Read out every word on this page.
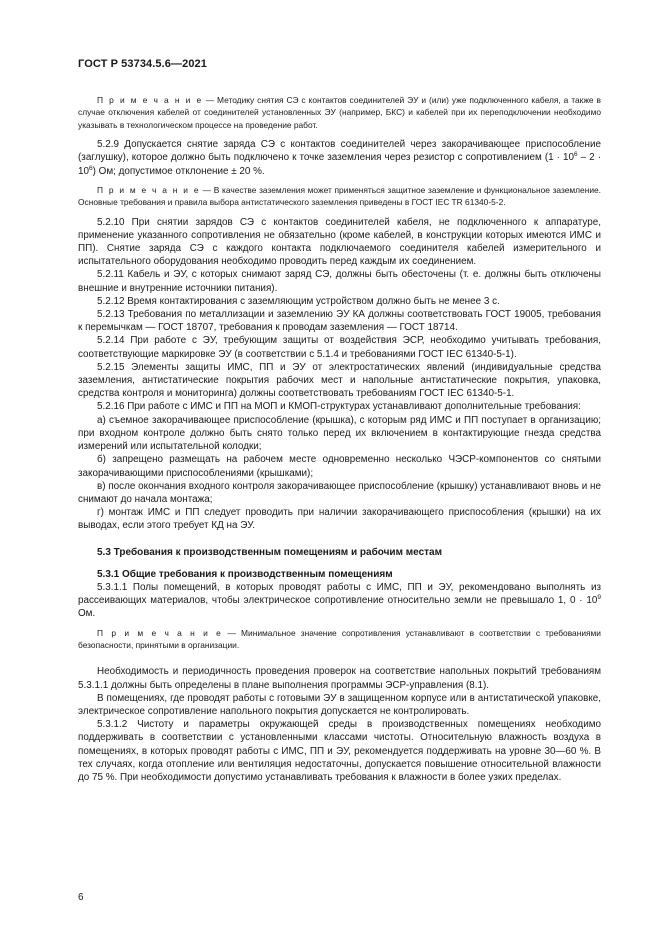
ГОСТ Р 53734.5.6—2021

П р и м е ч а н и е — Методику снятия СЭ с контактов соединителей ЭУ и (или) уже подключенного кабеля, а также в случае отключения кабелей от соединителей установленных ЭУ (например, БКС) и кабелей при их переподключении необходимо указывать в технологическом процессе на проведение работ.

5.2.9 Допускается снятие заряда СЭ с контактов соединителей через закорачивающее приспособление (заглушку), которое должно быть подключено к точке заземления через резистор с сопротивлением $(1 \cdot 10^6 - 2 \cdot 10^6)$ Ом; допустимое отклонение ± 20 %.

П р и м е ч а н и е — В качестве заземления может применяться защитное заземление и функциональное заземление. Основные требования и правила выбора антистатического заземления приведены в ГОСТ IEC TR 61340-5-2.

5.2.10 При снятии зарядов СЭ с контактов соединителей кабеля, не подключенного к аппаратуре, применение указанного сопротивления не обязательно (кроме кабелей, в конструкции которых имеются ИМС и ПП). Снятие заряда СЭ с каждого контакта подключаемого соединителя кабелей измерительного и испытательного оборудования необходимо проводить перед каждым их соединением.

5.2.11 Кабель и ЭУ, с которых снимают заряд СЭ, должны быть обесточены (т. е. должны быть отключены внешние и внутренние источники питания).

5.2.12 Время контактирования с заземляющим устройством должно быть не менее 3 с.

5.2.13 Требования по металлизации и заземлению ЭУ КА должны соответствовать ГОСТ 19005, требования к перемычкам — ГОСТ 18707, требования к проводам заземления — ГОСТ 18714.

5.2.14 При работе с ЭУ, требующим защиты от воздействия ЭСР, необходимо учитывать требования, соответствующие маркировке ЭУ (в соответствии с 5.1.4 и требованиями ГОСТ IEC 61340-5-1).

5.2.15 Элементы защиты ИМС, ПП и ЭУ от электростатических явлений (индивидуальные средства заземления, антистатические покрытия рабочих мест и напольные антистатические покрытия, упаковка, средства контроля и мониторинга) должны соответствовать требованиям ГОСТ IEC 61340-5-1.

5.2.16 При работе с ИМС и ПП на МОП и КМОП-структурах устанавливают дополнительные требования:

а) съемное закорачивающее приспособление (крышка), с которым ряд ИМС и ПП поступает в организацию; при входном контроле должно быть снято только перед их включением в контактирующие гнезда средства измерений или испытательной колодки;

б) запрещено размещать на рабочем месте одновременно несколько ЧЭСР-компонентов со снятыми закорачивающими приспособлениями (крышками);

в) после окончания входного контроля закорачивающее приспособление (крышку) устанавливают вновь и не снимают до начала монтажа;

г) монтаж ИМС и ПП следует проводить при наличии закорачивающего приспособления (крышки) на их выводах, если этого требует КД на ЭУ.

5.3 Требования к производственным помещениям и рабочим местам
5.3.1 Общие требования к производственным помещениям

5.3.1.1 Полы помещений, в которых проводят работы с ИМС, ПП и ЭУ, рекомендовано выполнять из рассеивающих материалов, чтобы электрическое сопротивление относительно земли не превышало 1, $0 \cdot 10^9$ Ом.

П р и м е ч а н и е — Минимальное значение сопротивления устанавливают в соответствии с требованиями безопасности, принятыми в организации.

Необходимость и периодичность проведения проверок на соответствие напольных покрытий требованиям 5.3.1.1 должны быть определены в плане выполнения программы ЭСР-управления (8.1).

В помещениях, где проводят работы с готовыми ЭУ в защищенном корпусе или в антистатической упаковке, электрическое сопротивление напольного покрытия допускается не контролировать.

5.3.1.2 Чистоту и параметры окружающей среды в производственных помещениях необходимо поддерживать в соответствии с установленными классами чистоты. Относительную влажность воздуха в помещениях, в которых проводят работы с ИМС, ПП и ЭУ, рекомендуется поддерживать на уровне 30—60 %. В тех случаях, когда отопление или вентиляция недостаточны, допускается повышение относительной влажности до 75 %. При необходимости допустимо устанавливать требования к влажности в более узких пределах.

6
